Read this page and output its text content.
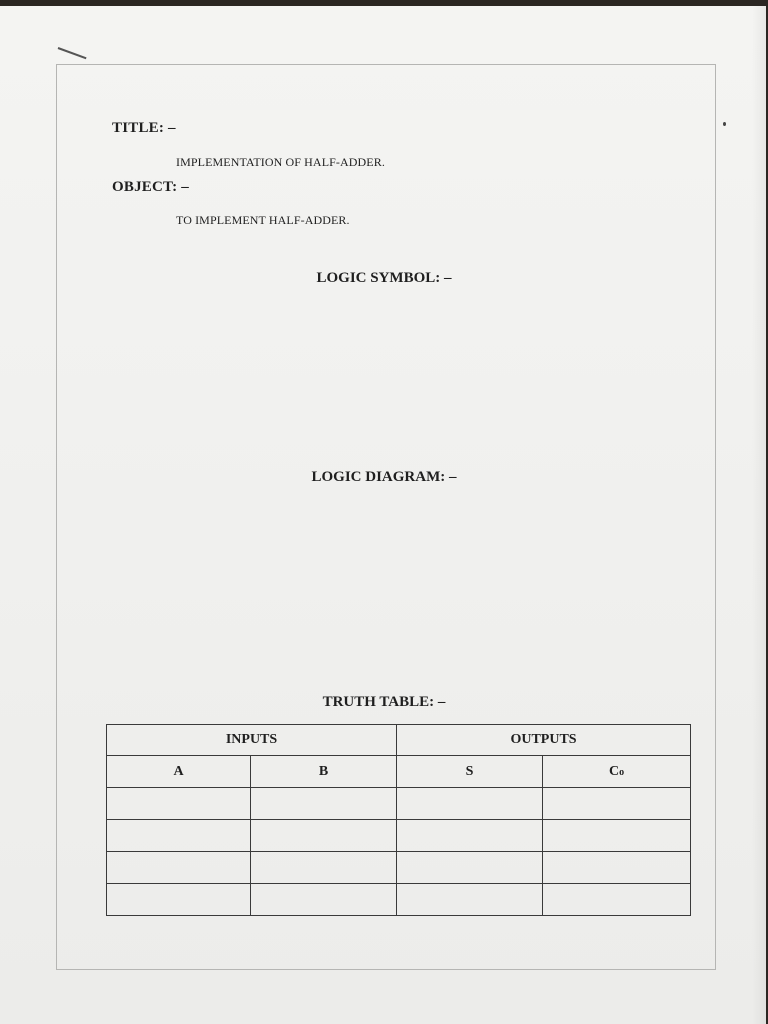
TITLE: –
IMPLEMENTATION OF HALF-ADDER.
OBJECT: –
TO IMPLEMENT HALF-ADDER.
LOGIC SYMBOL: –
LOGIC DIAGRAM: –
TRUTH TABLE: –
INPUTS		OUTPUTS	
A	B	S	Co
